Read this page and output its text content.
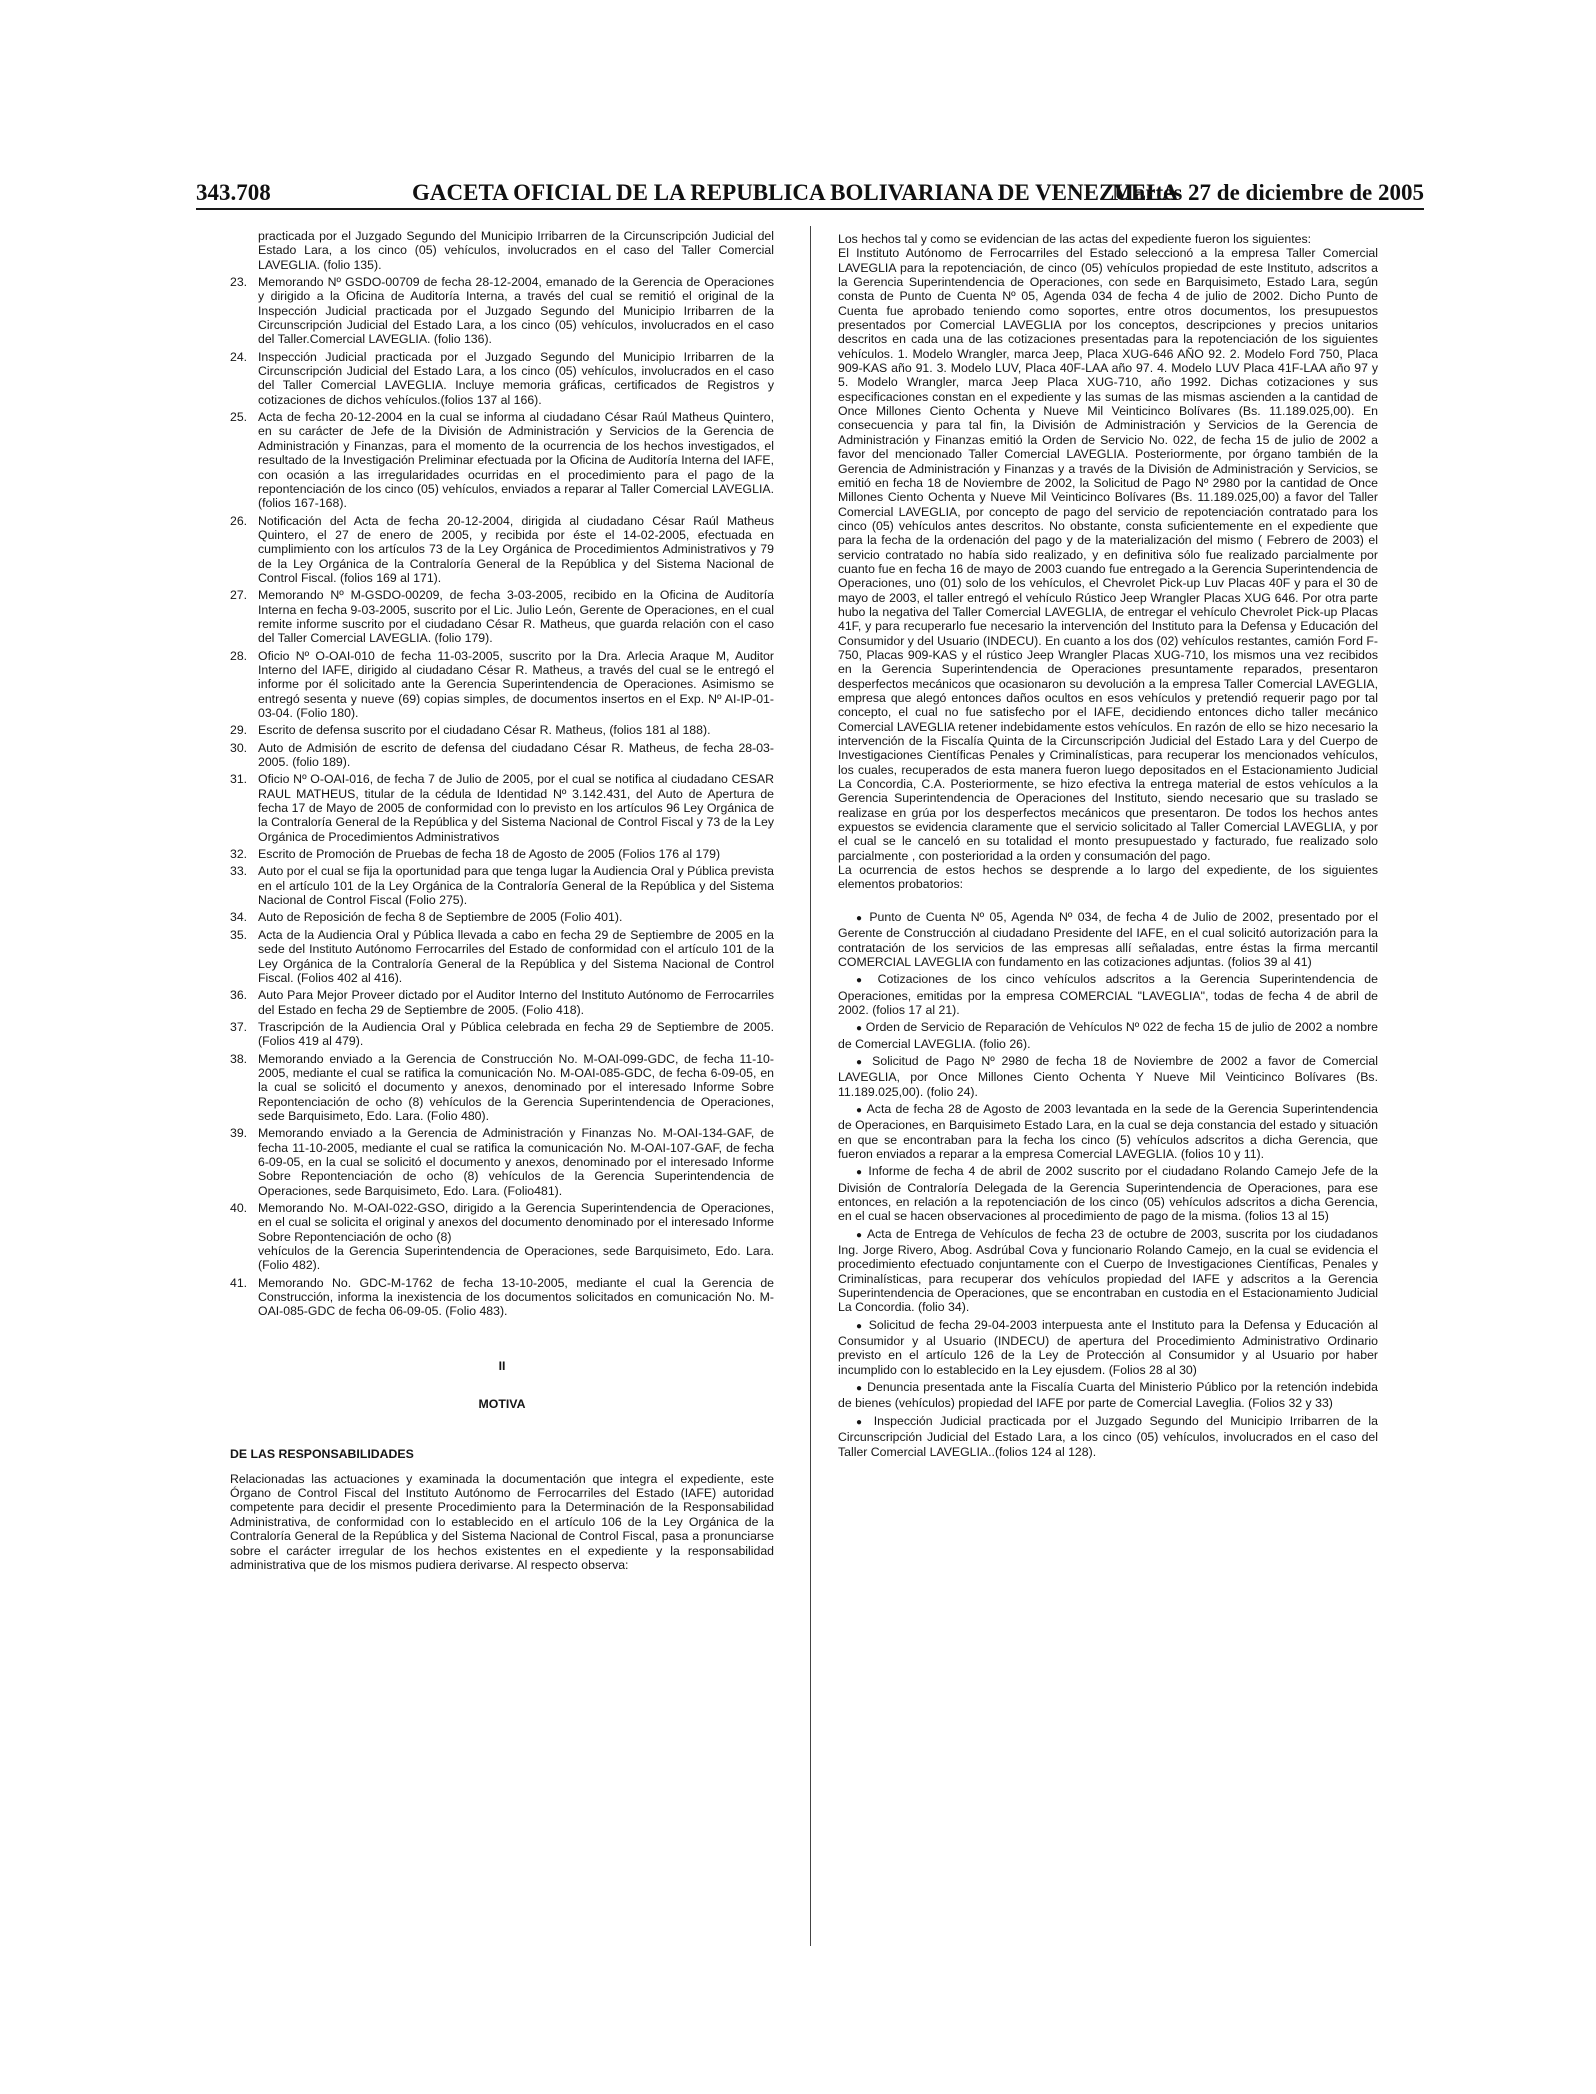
343.708	GACETA OFICIAL DE LA REPUBLICA BOLIVARIANA DE VENEZUELA
Martes 27 de diciembre de 2005
practicada por el Juzgado Segundo del Municipio Irribarren de la Circunscripción Judicial del Estado Lara, a los cinco (05) vehículos, involucrados en el caso del Taller Comercial LAVEGLIA. (folio 135).
23. Memorando Nº GSDO-00709 de fecha 28-12-2004, emanado de la Gerencia de Operaciones y dirigido a la Oficina de Auditoría Interna, a través del cual se remitió el original de la Inspección Judicial practicada por el Juzgado Segundo del Municipio Irribarren de la Circunscripción Judicial del Estado Lara, a los cinco (05) vehículos, involucrados en el caso del Taller.Comercial LAVEGLIA. (folio 136).
24. Inspección Judicial practicada por el Juzgado Segundo del Municipio Irribarren de la Circunscripción Judicial del Estado Lara, a los cinco (05) vehículos, involucrados en el caso del Taller Comercial LAVEGLIA. Incluye memoria gráficas, certificados de Registros y cotizaciones de dichos vehículos.(folios 137 al 166).
25. Acta de fecha 20-12-2004 en la cual se informa al ciudadano César Raúl Matheus Quintero, en su carácter de Jefe de la División de Administración y Servicios de la Gerencia de Administración y Finanzas, para el momento de la ocurrencia de los hechos investigados, el resultado de la Investigación Preliminar efectuada por la Oficina de Auditoría Interna del IAFE, con ocasión a las irregularidades ocurridas en el procedimiento para el pago de la repontenciación de los cinco (05) vehículos, enviados a reparar al Taller Comercial LAVEGLIA. (folios 167-168).
26. Notificación del Acta de fecha 20-12-2004, dirigida al ciudadano César Raúl Matheus Quintero, el 27 de enero de 2005, y recibida por éste el 14-02-2005, efectuada en cumplimiento con los artículos 73 de la Ley Orgánica de Procedimientos Administrativos y 79 de la Ley Orgánica de la Contraloría General de la República y del Sistema Nacional de Control Fiscal. (folios 169 al 171).
27. Memorando Nº M-GSDO-00209, de fecha 3-03-2005, recibido en la Oficina de Auditoría Interna en fecha 9-03-2005, suscrito por el Lic. Julio León, Gerente de Operaciones, en el cual remite informe suscrito por el ciudadano César R. Matheus, que guarda relación con el caso del Taller Comercial LAVEGLIA. (folio 179).
28. Oficio Nº O-OAI-010 de fecha 11-03-2005, suscrito por la Dra. Arlecia Araque M, Auditor Interno del IAFE, dirigido al ciudadano César R. Matheus, a través del cual se le entregó el informe por él solicitado ante la Gerencia Superintendencia de Operaciones. Asimismo se entregó sesenta y nueve (69) copias simples, de documentos insertos en el Exp. Nº AI-IP-01-03-04. (Folio 180).
29. Escrito de defensa suscrito por el ciudadano César R. Matheus, (folios 181 al 188).
30. Auto de Admisión de escrito de defensa del ciudadano César R. Matheus, de fecha 28-03-2005. (folio 189).
31. Oficio Nº O-OAI-016, de fecha 7 de Julio de 2005, por el cual se notifica al ciudadano CESAR RAUL MATHEUS, titular de la cédula de Identidad Nº 3.142.431, del Auto de Apertura de fecha 17 de Mayo de 2005 de conformidad con lo previsto en los artículos 96 Ley Orgánica de la Contraloría General de la República y del Sistema Nacional de Control Fiscal y 73 de la Ley Orgánica de Procedimientos Administrativos
32. Escrito de Promoción de Pruebas de fecha 18 de Agosto de 2005 (Folios 176 al 179)
33. Auto por el cual se fija la oportunidad para que tenga lugar la Audiencia Oral y Pública prevista en el artículo 101 de la Ley Orgánica de la Contraloría General de la República y del Sistema Nacional de Control Fiscal (Folio 275).
34. Auto de Reposición de fecha 8 de Septiembre de 2005 (Folio 401).
35. Acta de la Audiencia Oral y Pública llevada a cabo en fecha 29 de Septiembre de 2005 en la sede del Instituto Autónomo Ferrocarriles del Estado de conformidad con el artículo 101 de la Ley Orgánica de la Contraloría General de la República y del Sistema Nacional de Control Fiscal. (Folios 402 al 416).
36. Auto Para Mejor Proveer dictado por el Auditor Interno del Instituto Autónomo de Ferrocarriles del Estado en fecha 29 de Septiembre de 2005. (Folio 418).
37. Trascripción de la Audiencia Oral y Pública celebrada en fecha 29 de Septiembre de 2005. (Folios 419 al 479).
38. Memorando enviado a la Gerencia de Construcción No. M-OAI-099-GDC, de fecha 11-10-2005, mediante el cual se ratifica la comunicación No. M-OAI-085-GDC, de fecha 6-09-05, en la cual se solicitó el documento y anexos, denominado por el interesado Informe Sobre Repontenciación de ocho (8) vehículos de la Gerencia Superintendencia de Operaciones, sede Barquisimeto, Edo. Lara. (Folio 480).
39. Memorando enviado a la Gerencia de Administración y Finanzas No. M-OAI-134-GAF, de fecha 11-10-2005, mediante el cual se ratifica la comunicación No. M-OAI-107-GAF, de fecha 6-09-05, en la cual se solicitó el documento y anexos, denominado por el interesado Informe Sobre Repontenciación de ocho (8) vehículos de la Gerencia Superintendencia de Operaciones, sede Barquisimeto, Edo. Lara. (Folio481).
40. Memorando No. M-OAI-022-GSO, dirigido a la Gerencia Superintendencia de Operaciones, en el cual se solicita el original y anexos del documento denominado por el interesado Informe Sobre Repontenciación de ocho (8)
vehículos de la Gerencia Superintendencia de Operaciones, sede Barquisimeto, Edo. Lara. (Folio 482).
41. Memorando No. GDC-M-1762 de fecha 13-10-2005, mediante el cual la Gerencia de Construcción, informa la inexistencia de los documentos solicitados en comunicación No. M-OAI-085-GDC de fecha 06-09-05. (Folio 483).

II

MOTIVA

DE LAS RESPONSABILIDADES

Relacionadas las actuaciones y examinada la documentación que integra el expediente, este Órgano de Control Fiscal del Instituto Autónomo de Ferrocarriles del Estado (IAFE) autoridad competente para decidir el presente Procedimiento para la Determinación de la Responsabilidad Administrativa, de conformidad con lo establecido en el artículo 106 de la Ley Orgánica de la Contraloría General de la República y del Sistema Nacional de Control Fiscal, pasa a pronunciarse sobre el carácter irregular de los hechos existentes en el expediente y la responsabilidad administrativa que de los mismos pudiera derivarse. Al respecto observa:

Los hechos tal y como se evidencian de las actas del expediente fueron los siguientes:

El Instituto Autónomo de Ferrocarriles del Estado seleccionó a la empresa Taller Comercial LAVEGLIA para la repotenciación, de cinco (05) vehículos propiedad de este Instituto, adscritos a la Gerencia Superintendencia de Operaciones, con sede en Barquisimeto, Estado Lara, según consta de Punto de Cuenta Nº 05, Agenda 034 de fecha 4 de julio de 2002. Dicho Punto de Cuenta fue aprobado teniendo como soportes, entre otros documentos, los presupuestos presentados por Comercial LAVEGLIA por los conceptos, descripciones y precios unitarios descritos en cada una de las cotizaciones presentadas para la repotenciación de los siguientes vehículos. 1. Modelo Wrangler, marca Jeep, Placa XUG-646 AÑO 92. 2. Modelo Ford 750, Placa 909-KAS año 91. 3. Modelo LUV, Placa 40F-LAA año 97. 4. Modelo LUV Placa 41F-LAA año 97 y 5. Modelo Wrangler, marca Jeep Placa XUG-710, año 1992. Dichas cotizaciones y sus especificaciones constan en el expediente y las sumas de las mismas ascienden a la cantidad de Once Millones Ciento Ochenta y Nueve Mil Veinticinco Bolívares (Bs. 11.189.025,00). En consecuencia y para tal fin, la División de Administración y Servicios de la Gerencia de Administración y Finanzas emitió la Orden de Servicio No. 022, de fecha 15 de julio de 2002 a favor del mencionado Taller Comercial LAVEGLIA. Posteriormente, por órgano también de la Gerencia de Administración y Finanzas y a través de la División de Administración y Servicios, se emitió en fecha 18 de Noviembre de 2002, la Solicitud de Pago Nº 2980 por la cantidad de Once Millones Ciento Ochenta y Nueve Mil Veinticinco Bolívares (Bs. 11.189.025,00) a favor del Taller Comercial LAVEGLIA, por concepto de pago del servicio de repotenciación contratado para los cinco (05) vehículos antes descritos. No obstante, consta suficientemente en el expediente que para la fecha de la ordenación del pago y de la materialización del mismo ( Febrero de 2003) el servicio contratado no había sido realizado, y en definitiva sólo fue realizado parcialmente por cuanto fue en fecha 16 de mayo de 2003 cuando fue entregado a la Gerencia Superintendencia de Operaciones, uno (01) solo de los vehículos, el Chevrolet Pick-up Luv Placas 40F y para el 30 de mayo de 2003, el taller entregó el vehículo Rústico Jeep Wrangler Placas XUG 646. Por otra parte hubo la negativa del Taller Comercial LAVEGLIA, de entregar el vehículo Chevrolet Pick-up Placas 41F, y para recuperarlo fue necesario la intervención del Instituto para la Defensa y Educación del Consumidor y del Usuario (INDECU). En cuanto a los dos (02) vehículos restantes, camión Ford F-750, Placas 909-KAS y el rústico Jeep Wrangler Placas XUG-710, los mismos una vez recibidos en la Gerencia Superintendencia de Operaciones presuntamente reparados, presentaron desperfectos mecánicos que ocasionaron su devolución a la empresa Taller Comercial LAVEGLIA, empresa que alegó entonces daños ocultos en esos vehículos y pretendió requerir pago por tal concepto, el cual no fue satisfecho por el IAFE, decidiendo entonces dicho taller mecánico Comercial LAVEGLIA retener indebidamente estos vehículos. En razón de ello se hizo necesario la intervención de la Fiscalía Quinta de la Circunscripción Judicial del Estado Lara y del Cuerpo de Investigaciones Científicas Penales y Criminalísticas, para recuperar los mencionados vehículos, los cuales, recuperados de esta manera fueron luego depositados en el Estacionamiento Judicial La Concordia, C.A. Posteriormente, se hizo efectiva la entrega material de estos vehículos a la Gerencia Superintendencia de Operaciones del Instituto, siendo necesario que su traslado se realizase en grúa por los desperfectos mecánicos que presentaron. De todos los hechos antes expuestos se evidencia claramente que el servicio solicitado al Taller Comercial LAVEGLIA, y por el cual se le canceló en su totalidad el monto presupuestado y facturado, fue realizado solo parcialmente , con posterioridad a la orden y consumación del pago.

La ocurrencia de estos hechos se desprende a lo largo del expediente, de los siguientes elementos probatorios:

● Punto de Cuenta Nº 05, Agenda Nº 034, de fecha 4 de Julio de 2002, presentado por el Gerente de Construcción al ciudadano Presidente del IAFE, en el cual solicitó autorización para la contratación de los servicios de las empresas allí señaladas, entre éstas la firma mercantil COMERCIAL LAVEGLIA con fundamento en las cotizaciones adjuntas. (folios 39 al 41)

● Cotizaciones de los cinco vehículos adscritos a la Gerencia Superintendencia de Operaciones, emitidas por la empresa COMERCIAL "LAVEGLIA", todas de fecha 4 de abril de 2002. (folios 17 al 21).

● Orden de Servicio de Reparación de Vehículos Nº 022 de fecha 15 de julio de 2002 a nombre de Comercial LAVEGLIA. (folio 26).

● Solicitud de Pago Nº 2980 de fecha 18 de Noviembre de 2002 a favor de Comercial LAVEGLIA, por Once Millones Ciento Ochenta Y Nueve Mil Veinticinco Bolívares (Bs. 11.189.025,00). (folio 24).

● Acta de fecha 28 de Agosto de 2003 levantada en la sede de la Gerencia Superintendencia de Operaciones, en Barquisimeto Estado Lara, en la cual se deja constancia del estado y situación en que se encontraban para la fecha los cinco (5) vehículos adscritos a dicha Gerencia, que fueron enviados a reparar a la empresa Comercial LAVEGLIA. (folios 10 y 11).

● Informe de fecha 4 de abril de 2002 suscrito por el ciudadano Rolando Camejo Jefe de la División de Contraloría Delegada de la Gerencia Superintendencia de Operaciones, para ese entonces, en relación a la repotenciación de los cinco (05) vehículos adscritos a dicha Gerencia, en el cual se hacen observaciones al procedimiento de pago de la misma. (folios 13 al 15)

● Acta de Entrega de Vehículos de fecha 23 de octubre de 2003, suscrita por los ciudadanos Ing. Jorge Rivero, Abog. Asdrúbal Cova y funcionario Rolando Camejo, en la cual se evidencia el procedimiento efectuado conjuntamente con el Cuerpo de Investigaciones Científicas, Penales y Criminalísticas, para recuperar dos vehículos propiedad del IAFE y adscritos a la Gerencia Superintendencia de Operaciones, que se encontraban en custodia en el Estacionamiento Judicial La Concordia. (folio 34).

● Solicitud de fecha 29-04-2003 interpuesta ante el Instituto para la Defensa y Educación al Consumidor y al Usuario (INDECU) de apertura del Procedimiento Administrativo Ordinario previsto en el artículo 126 de la Ley de Protección al Consumidor y al Usuario por haber incumplido con lo establecido en la Ley ejusdem. (Folios 28 al 30)

● Denuncia presentada ante la Fiscalía Cuarta del Ministerio Público por la retención indebida de bienes (vehículos) propiedad del IAFE por parte de Comercial Laveglia. (Folios 32 y 33)

● Inspección Judicial practicada por el Juzgado Segundo del Municipio Irribarren de la Circunscripción Judicial del Estado Lara, a los cinco (05) vehículos, involucrados en el caso del Taller Comercial LAVEGLIA..(folios 124 al 128).
